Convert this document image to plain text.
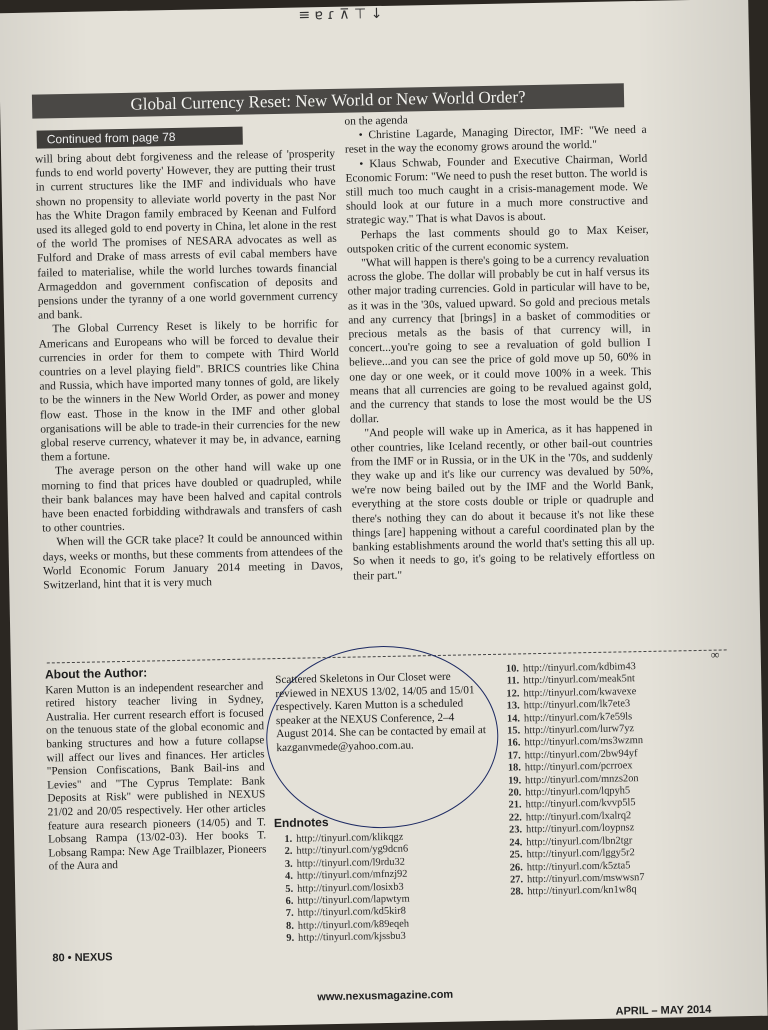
≡ ɐ ɾ ⊼ ⊤ ↓
Global Currency Reset: New World or New World Order?
Continued from page 78

will bring about debt forgiveness and the release of 'prosperity funds to end world poverty' However, they are putting their trust in current structures like the IMF and individuals who have shown no propensity to alleviate world poverty in the past Nor has the White Dragon family embraced by Keenan and Fulford used its alleged gold to end poverty in China, let alone in the rest of the world The promises of NESARA advocates as well as Fulford and Drake of mass arrests of evil cabal members have failed to materialise, while the world lurches towards financial Armageddon and government confiscation of deposits and pensions under the tyranny of a one world government currency and bank.

The Global Currency Reset is likely to be horrific for Americans and Europeans who will be forced to devalue their currencies in order for them to compete with Third World countries on a level playing field". BRICS countries like China and Russia, which have imported many tonnes of gold, are likely to be the winners in the New World Order, as power and money flow east. Those in the know in the IMF and other global organisations will be able to trade-in their currencies for the new global reserve currency, whatever it may be, in advance, earning them a fortune.

The average person on the other hand will wake up one morning to find that prices have doubled or quadrupled, while their bank balances may have been halved and capital controls have been enacted forbidding withdrawals and transfers of cash to other countries.

When will the GCR take place? It could be announced within days, weeks or months, but these comments from attendees of the World Economic Forum January 2014 meeting in Davos, Switzerland, hint that it is very much

on the agenda

• Christine Lagarde, Managing Director, IMF: "We need a reset in the way the economy grows around the world."

• Klaus Schwab, Founder and Executive Chairman, World Economic Forum: "We need to push the reset button. The world is still much too much caught in a crisis-management mode. We should look at our future in a much more constructive and strategic way." That is what Davos is about.

Perhaps the last comments should go to Max Keiser, outspoken critic of the current economic system.

"What will happen is there's going to be a currency revaluation across the globe. The dollar will probably be cut in half versus its other major trading currencies. Gold in particular will have to be, as it was in the '30s, valued upward. So gold and precious metals and any currency that [brings] in a basket of commodities or precious metals as the basis of that currency will, in concert...you're going to see a revaluation of gold bullion I believe...and you can see the price of gold move up 50, 60% in one day or one week, or it could move 100% in a week. This means that all currencies are going to be revalued against gold, and the currency that stands to lose the most would be the US dollar.

"And people will wake up in America, as it has happened in other countries, like Iceland recently, or other bail-out countries from the IMF or in Russia, or in the UK in the '70s, and suddenly they wake up and it's like our currency was devalued by 50%, we're now being bailed out by the IMF and the World Bank, everything at the store costs double or triple or quadruple and there's nothing they can do about it because it's not like these things [are] happening without a careful coordinated plan by the banking establishments around the world that's setting this all up. So when it needs to go, it's going to be relatively effortless on their part."

∞
About the Author:
Karen Mutton is an independent researcher and retired history teacher living in Sydney, Australia. Her current research effort is focused on the tenuous state of the global economic and banking structures and how a future collapse will affect our lives and finances. Her articles "Pension Confiscations, Bank Bail-ins and Levies" and "The Cyprus Template: Bank Deposits at Risk" were published in NEXUS 21/02 and 20/05 respectively. Her other articles feature aura research pioneers (14/05) and T. Lobsang Rampa (13/02-03). Her books T. Lobsang Rampa: New Age Trailblazer, Pioneers of the Aura and

Scattered Skeletons in Our Closet were reviewed in NEXUS 13/02, 14/05 and 15/01 respectively. Karen Mutton is a scheduled speaker at the NEXUS Conference, 2–4 August 2014. She can be contacted by email at kazganvmede@yahoo.com.au.

Endnotes
1. http://tinyurl.com/klikqgz
2. http://tinyurl.com/yg9dcn6
3. http://tinyurl.com/l9rdu32
4. http://tinyurl.com/mfnzj92
5. http://tinyurl.com/losixb3
6. http://tinyurl.com/lapwtym
7. http://tinyurl.com/kd5kir8
8. http://tinyurl.com/k89eqeh
9. http://tinyurl.com/kjssbu3
10. http://tinyurl.com/kdbim43
11. http://tinyurl.com/meak5nt
12. http://tinyurl.com/kwavexe
13. http://tinyurl.com/lk7ete3
14. http://tinyurl.com/k7e59ls
15. http://tinyurl.com/lurw7yz
16. http://tinyurl.com/ms3wzmn
17. http://tinyurl.com/2bw94yf
18. http://tinyurl.com/pcrroex
19. http://tinyurl.com/mnzs2on
20. http://tinyurl.com/lqpyh5
21. http://tinyurl.com/kvvp5l5
22. http://tinyurl.com/lxalrq2
23. http://tinyurl.com/loypnsz
24. http://tinyurl.com/lbn2tgr
25. http://tinyurl.com/lggy5r2
26. http://tinyurl.com/k5zta5
27. http://tinyurl.com/mswwsn7
28. http://tinyurl.com/kn1w8q
80 • NEXUS
www.nexusmagazine.com
APRIL – MAY 2014
